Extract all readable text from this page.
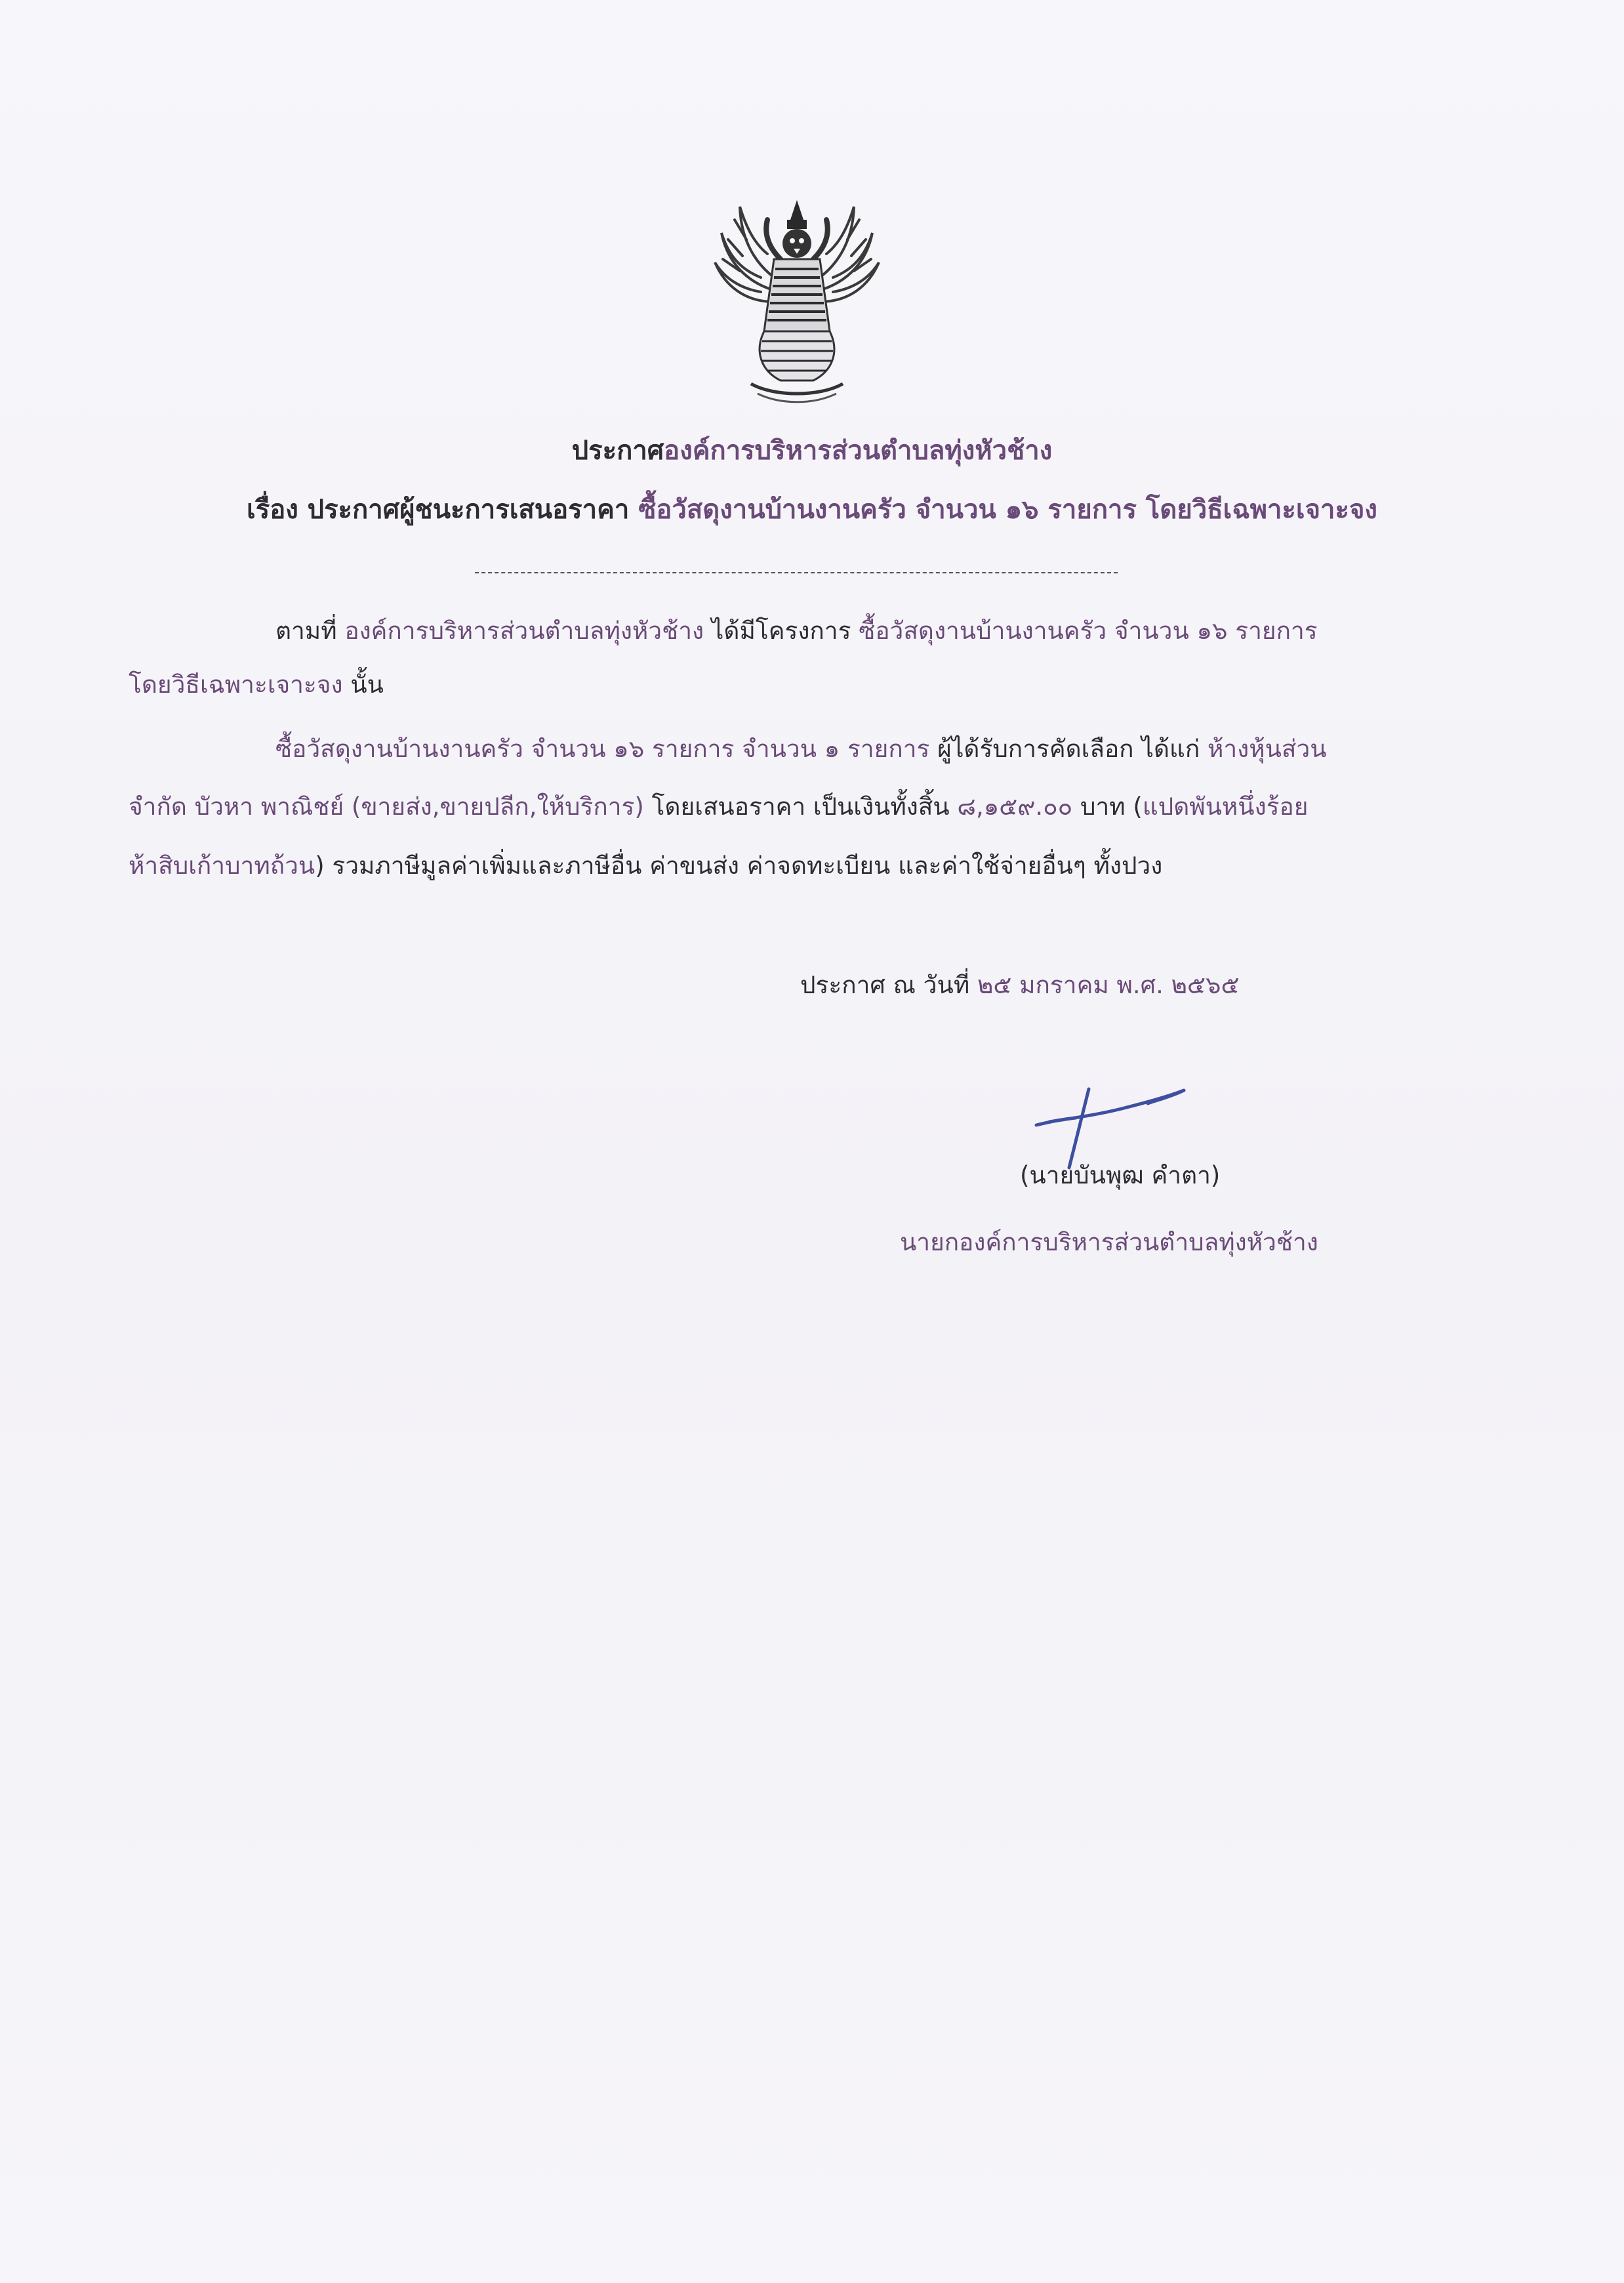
ประกาศองค์การบริหารส่วนตำบลทุ่งหัวช้าง
เรื่อง ประกาศผู้ชนะการเสนอราคา ซื้อวัสดุงานบ้านงานครัว จำนวน ๑๖ รายการ โดยวิธีเฉพาะเจาะจง
ตามที่ องค์การบริหารส่วนตำบลทุ่งหัวช้าง ได้มีโครงการ ซื้อวัสดุงานบ้านงานครัว จำนวน ๑๖ รายการ
โดยวิธีเฉพาะเจาะจง นั้น
ซื้อวัสดุงานบ้านงานครัว จำนวน ๑๖ รายการ จำนวน ๑ รายการ ผู้ได้รับการคัดเลือก ได้แก่ ห้างหุ้นส่วน
จำกัด บัวหา พาณิชย์ (ขายส่ง,ขายปลีก,ให้บริการ) โดยเสนอราคา เป็นเงินทั้งสิ้น ๘,๑๕๙.๐๐ บาท (แปดพันหนึ่งร้อย
ห้าสิบเก้าบาทถ้วน) รวมภาษีมูลค่าเพิ่มและภาษีอื่น ค่าขนส่ง ค่าจดทะเบียน และค่าใช้จ่ายอื่นๆ ทั้งปวง
ประกาศ ณ วันที่ ๒๕ มกราคม พ.ศ. ๒๕๖๕
(นายบันพุฒ คำตา)
นายกองค์การบริหารส่วนตำบลทุ่งหัวช้าง
